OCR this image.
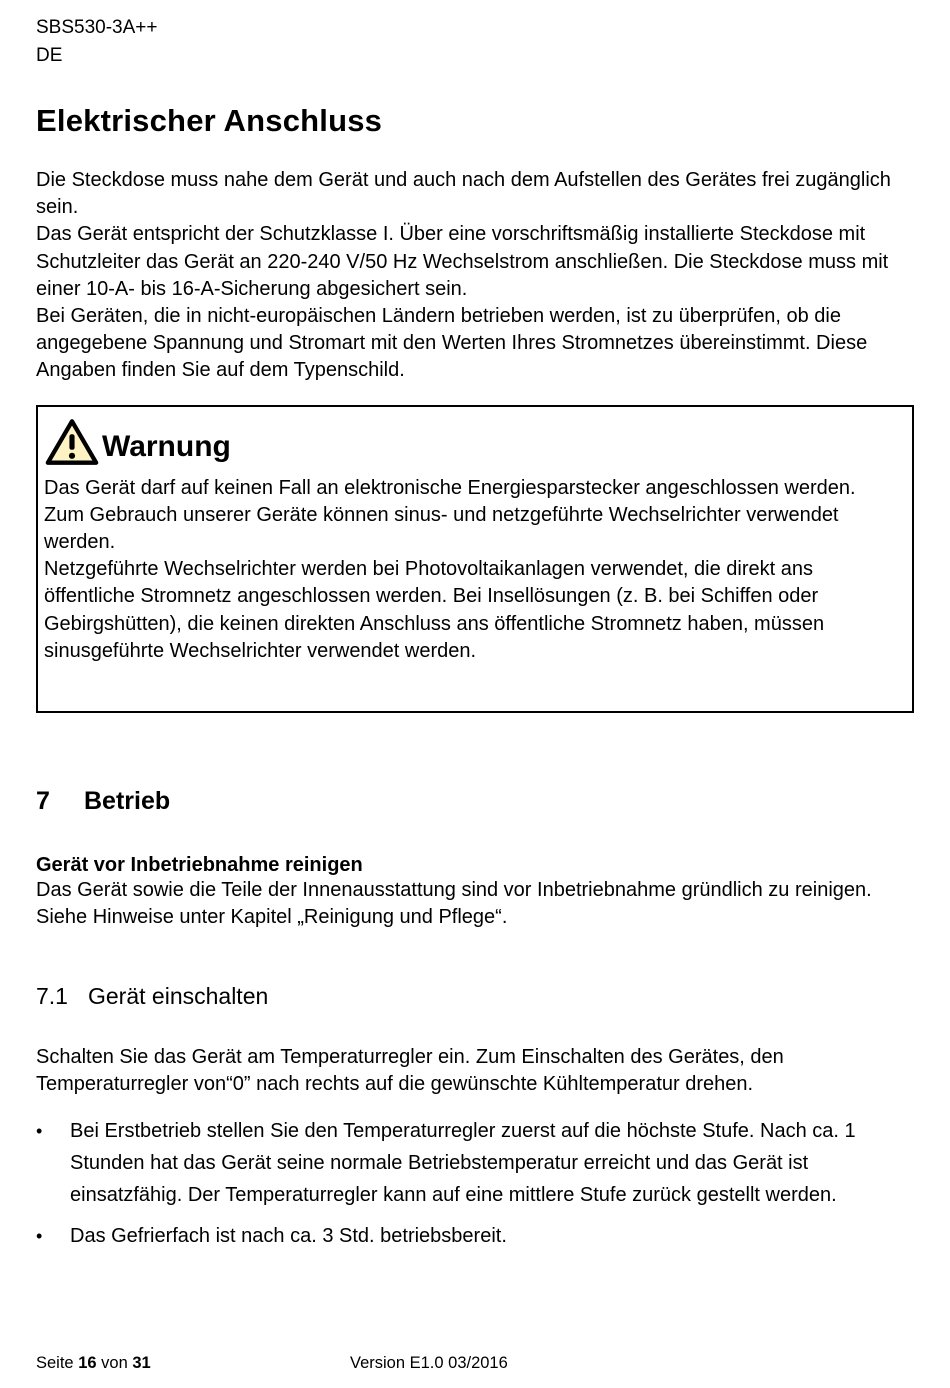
SBS530-3A++
DE
Elektrischer Anschluss

Die Steckdose muss nahe dem Gerät und auch nach dem Aufstellen des Gerätes frei zugänglich sein.

Das Gerät entspricht der Schutzklasse I. Über eine vorschriftsmäßig installierte Steckdose mit Schutzleiter das Gerät an 220-240 V/50 Hz Wechselstrom anschließen. Die Steckdose muss mit einer 10-A- bis 16-A-Sicherung abgesichert sein.

Bei Geräten, die in nicht-europäischen Ländern betrieben werden, ist zu überprüfen, ob die angegebene Spannung und Stromart mit den Werten Ihres Stromnetzes übereinstimmt. Diese Angaben finden Sie auf dem Typenschild.

Warnung

Das Gerät darf auf keinen Fall an elektronische Energiesparstecker angeschlossen werden.

Zum Gebrauch unserer Geräte können sinus- und netzgeführte Wechselrichter verwendet werden.

Netzgeführte Wechselrichter werden bei Photovoltaikanlagen verwendet, die direkt ans öffentliche Stromnetz angeschlossen werden. Bei Insellösungen (z. B. bei Schiffen oder Gebirgshütten), die keinen direkten Anschluss ans öffentliche Stromnetz haben, müssen sinusgeführte Wechselrichter verwendet werden.

7 Betrieb
Gerät vor Inbetriebnahme reinigen

Das Gerät sowie die Teile der Innenausstattung sind vor Inbetriebnahme gründlich zu reinigen. Siehe Hinweise unter Kapitel „Reinigung und Pflege“.

7.1 Gerät einschalten

Schalten Sie das Gerät am Temperaturregler ein. Zum Einschalten des Gerätes, den Temperaturregler von“0” nach rechts auf die gewünschte Kühltemperatur drehen.

•	Bei Erstbetrieb stellen Sie den Temperaturregler zuerst auf die höchste Stufe. Nach ca. 1 Stunden hat das Gerät seine normale Betriebstemperatur erreicht und das Gerät ist einsatzfähig. Der Temperaturregler kann auf eine mittlere Stufe zurück gestellt werden.
•	Das Gefrierfach ist nach ca. 3 Std. betriebsbereit.
Seite 16 von 31	Version E1.0 03/2016
